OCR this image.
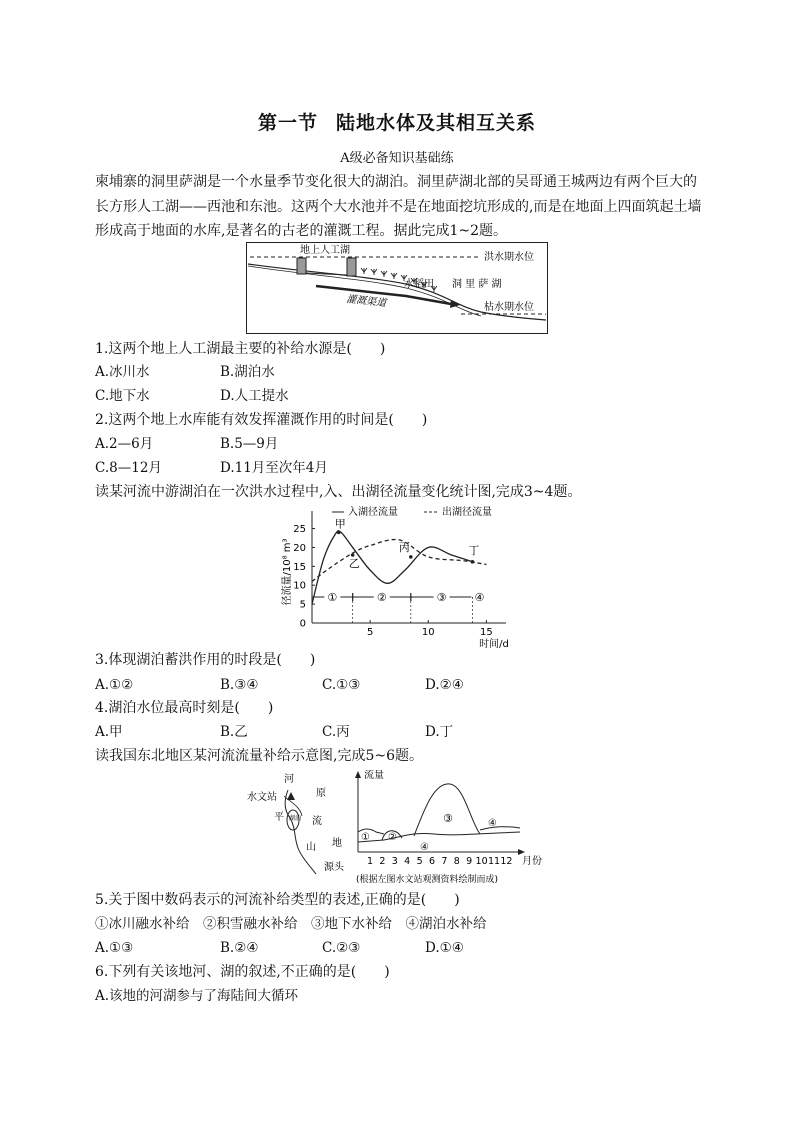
第一节 陆地水体及其相互关系
A级必备知识基础练
柬埔寨的洞里萨湖是一个水量季节变化很大的湖泊。洞里萨湖北部的吴哥通王城两边有两个巨大的长方形人工湖——西池和东池。这两个大水池并不是在地面挖坑形成的,而是在地面上四面筑起土墙形成高于地面的水库,是著名的古老的灌溉工程。据此完成1~2题。
地上人工湖
洪水期水位
水稻田 洞 里 萨 湖
灌溉渠道	枯水期水位
1.这两个地上人工湖最主要的补给水源是(　　)
A.冰川水	B.湖泊水
C.地下水	D.人工提水
2.这两个地上水库能有效发挥灌溉作用的时间是(　　)
A.2—6月	B.5—9月
C.8—12月	D.11月至次年4月
读某河流中游湖泊在一次洪水过程中,入、出湖径流量变化统计图,完成3~4题。
0
5
10
15
20
25
5	10	15
时间/d
径流量/10⁸ m³
入湖径流量	出湖径流量
甲
乙
丙	丁
①	②	③	④
3.体现湖泊蓄洪作用的时段是(　　)
A.①②	B.③④	C.①③	D.②④
4.湖泊水位最高时刻是(　　)
A.甲	B.乙	C.丙	D.丁
读我国东北地区某河流流量补给示意图,完成5~6题。
河
水文站	原
平 湖泊 流
山 地
源头
流量
月份
① ②
③	④
④
1 2 3 4 5 6 7 8 9 10 11 12
(根据左图水文站观测资料绘制而成)
5.关于图中数码表示的河流补给类型的表述,正确的是(　　)
①冰川融水补给　②积雪融水补给　③地下水补给　④湖泊水补给
A.①③	B.②④	C.②③	D.①④
6.下列有关该地河、湖的叙述,不正确的是(　　)
A.该地的河湖参与了海陆间大循环
